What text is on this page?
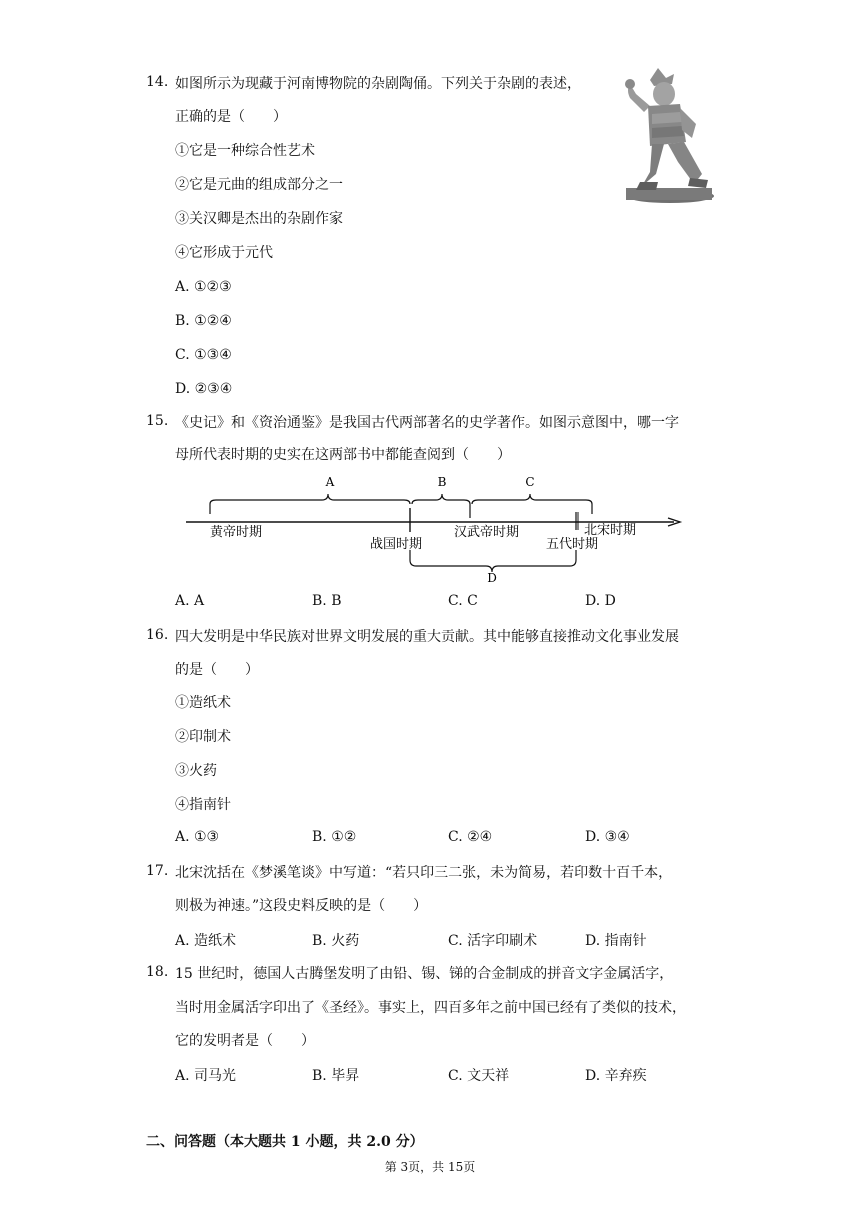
14. 如图所示为现藏于河南博物院的杂剧陶俑。下列关于杂剧的表述，
正确的是（　　）
①它是一种综合性艺术
②它是元曲的组成部分之一
③关汉卿是杰出的杂剧作家
④它形成于元代
A. ①②③
B. ①②④
C. ①③④
D. ②③④
15. 《史记》和《资治通鉴》是我国古代两部著名的史学著作。如图示意图中，哪一字
母所代表时期的史实在这两部书中都能查阅到（　　）
A	B	C
D
黄帝时期
战国时期
汉武帝时期
五代时期
北宋时期
A. A	B. B	C. C	D. D
16. 四大发明是中华民族对世界文明发展的重大贡献。其中能够直接推动文化事业发展
的是（　　）
①造纸术
②印制术
③火药
④指南针
A. ①③	B. ①②	C. ②④	D. ③④
17. 北宋沈括在《梦溪笔谈》中写道：“若只印三二张，未为简易，若印数十百千本，
则极为神速。”这段史料反映的是（　　）
A. 造纸术	B. 火药	C. 活字印刷术	D. 指南针
18. 15 世纪时，德国人古腾堡发明了由铅、锡、锑的合金制成的拼音文字金属活字，
当时用金属活字印出了《圣经》。事实上，四百多年之前中国已经有了类似的技术，
它的发明者是（　　）
A. 司马光	B. 毕昇	C. 文天祥	D. 辛弃疾
二、问答题（本大题共 1 小题，共 2.0 分）
第 3页，共 15页
